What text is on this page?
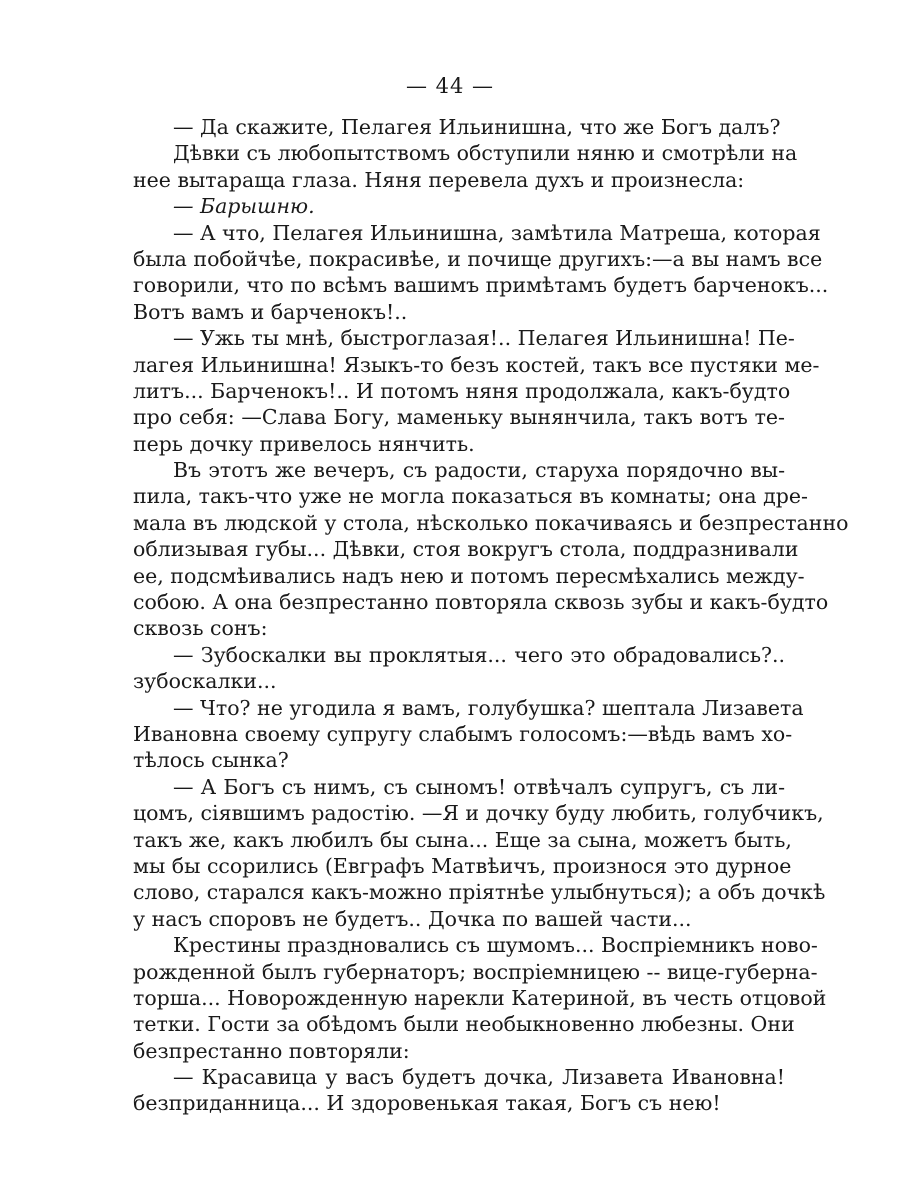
— 44 —
— Да скажите, Пелагея Ильинишна, что же Богъ далъ?
Дѣвки съ любопытствомъ обступили няню и смотрѣли на
нее вытараща глаза. Няня перевела духъ и произнесла:
— Барышню.
— А что, Пелагея Ильинишна, замѣтила Матреша, которая
была побойчѣе, покрасивѣе, и почище другихъ:—а вы намъ все
говорили, что по всѣмъ вашимъ примѣтамъ будетъ барченокъ...
Вотъ вамъ и барченокъ!..
— Ужь ты мнѣ, быстроглазая!.. Пелагея Ильинишна! Пе-
лагея Ильинишна! Языкъ-то безъ костей, такъ все пустяки ме-
литъ... Барченокъ!.. И потомъ няня продолжала, какъ-будто
про себя: —Слава Богу, маменьку вынянчила, такъ вотъ те-
перь дочку привелось нянчить.
Въ этотъ же вечеръ, съ радости, старуха порядочно вы-
пила, такъ-что уже не могла показаться въ комнаты; она дре-
мала въ людской у стола, нѣсколько покачиваясь и безпрестанно
облизывая губы... Дѣвки, стоя вокругъ стола, поддразнивали
ее, подсмѣивались надъ нею и потомъ пересмѣхались между-
собою. А она безпрестанно повторяла сквозь зубы и какъ-будто
сквозь сонъ:
— Зубоскалки вы проклятыя... чего это обрадовались?..
зубоскалки...
— Что? не угодила я вамъ, голубушка? шептала Лизавета
Ивановна своему супругу слабымъ голосомъ:—вѣдь вамъ хо-
тѣлось сынка?
— А Богъ съ нимъ, съ сыномъ! отвѣчалъ супругъ, съ ли-
цомъ, сіявшимъ радостію. —Я и дочку буду любить, голубчикъ,
такъ же, какъ любилъ бы сына... Еще за сына, можетъ быть,
мы бы ссорились (Евграфъ Матвѣичъ, произнося это дурное
слово, старался какъ-можно пріятнѣе улыбнуться); а объ дочкѣ
у насъ споровъ не будетъ.. Дочка по вашей части...
Крестины праздновались съ шумомъ... Воспріемникъ ново-
рожденной былъ губернаторъ; воспріемницею -- вице-губерна-
торша... Новорожденную нарекли Катериной, въ честь отцовой
тетки. Гости за обѣдомъ были необыкновенно любезны. Они
безпрестанно повторяли:
— Красавица у васъ будетъ дочка, Лизавета Ивановна!
безприданница... И здоровенькая такая, Богъ съ нею!
